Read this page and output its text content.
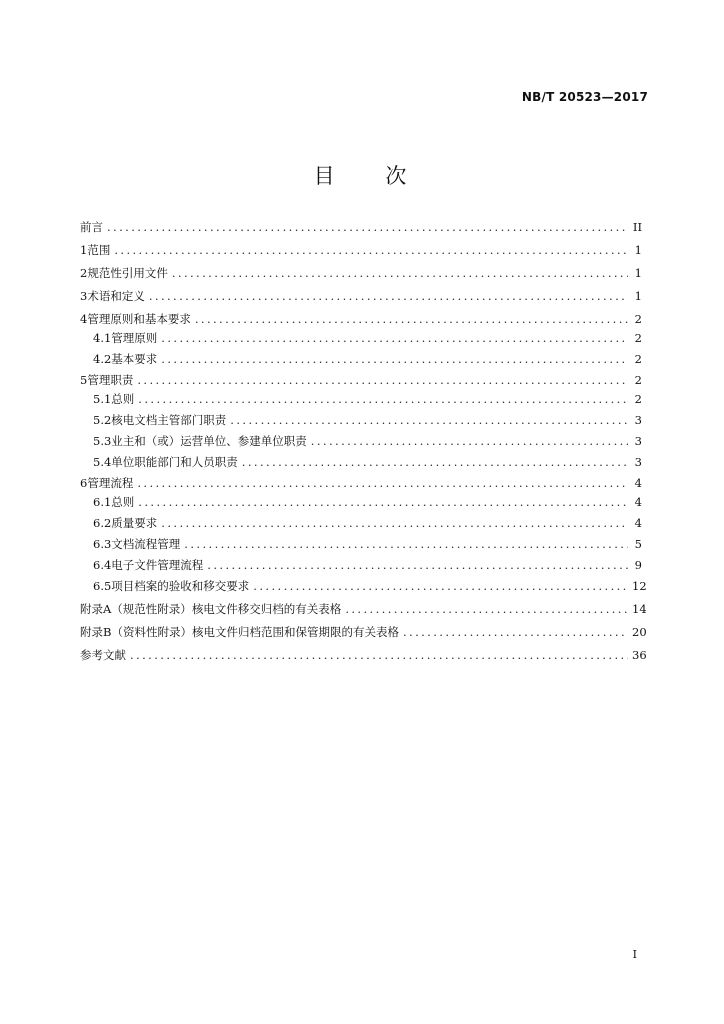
NB/T 20523—2017
目 次
前言 .....	II
1 范围 .....	1
2 规范性引用文件 .....	1
3 术语和定义 .....	1
4 管理原则和基本要求 .....	2
4.1 管理原则 .....	2
4.2 基本要求 .....	2
5 管理职责 .....	2
5.1 总则 .....	2
5.2 核电文档主管部门职责 .....	3
5.3 业主和（或）运营单位、参建单位职责 .....	3
5.4 单位职能部门和人员职责 .....	3
6 管理流程 .....	4
6.1 总则 .....	4
6.2 质量要求 .....	4
6.3 文档流程管理 .....	5
6.4 电子文件管理流程 .....	9
6.5 项目档案的验收和移交要求 .....	12
附录A（规范性附录） 核电文件移交归档的有关表格 .....	14
附录B（资料性附录） 核电文件归档范围和保管期限的有关表格 .....	20
参考文献 .....	36
I
